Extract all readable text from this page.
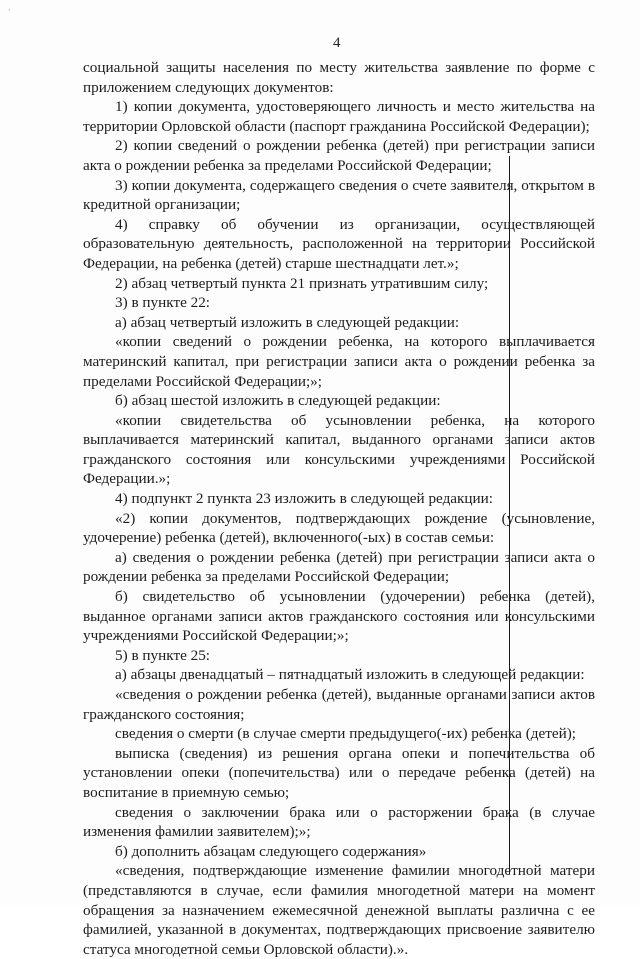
·
4

социальной защиты населения по месту жительства заявление по форме с приложением следующих документов:

1) копии документа, удостоверяющего личность и место жительства на территории Орловской области (паспорт гражданина Российской Федерации);

2) копии сведений о рождении ребенка (детей) при регистрации записи акта о рождении ребенка за пределами Российской Федерации;

3) копии документа, содержащего сведения о счете заявителя, открытом в кредитной организации;

4) справку об обучении из организации, осуществляющей образовательную деятельность, расположенной на территории Российской Федерации, на ребенка (детей) старше шестнадцати лет.»;

2) абзац четвертый пункта 21 признать утратившим силу;

3) в пункте 22:

а) абзац четвертый изложить в следующей редакции:

«копии сведений о рождении ребенка, на которого выплачивается материнский капитал, при регистрации записи акта о рождении ребенка за пределами Российской Федерации;»;

б) абзац шестой изложить в следующей редакции:

«копии свидетельства об усыновлении ребенка, на которого выплачивается материнский капитал, выданного органами записи актов гражданского состояния или консульскими учреждениями Российской Федерации.»;

4) подпункт 2 пункта 23 изложить в следующей редакции:

«2) копии документов, подтверждающих рождение (усыновление, удочерение) ребенка (детей), включенного(-ых) в состав семьи:

а) сведения о рождении ребенка (детей) при регистрации записи акта о рождении ребенка за пределами Российской Федерации;

б) свидетельство об усыновлении (удочерении) ребенка (детей), выданное органами записи актов гражданского состояния или консульскими учреждениями Российской Федерации;»;

5) в пункте 25:

а) абзацы двенадцатый – пятнадцатый изложить в следующей редакции:

«сведения о рождении ребенка (детей), выданные органами записи актов гражданского состояния;

сведения о смерти (в случае смерти предыдущего(-их) ребенка (детей);

выписка (сведения) из решения органа опеки и попечительства об установлении опеки (попечительства) или о передаче ребенка (детей) на воспитание в приемную семью;

сведения о заключении брака или о расторжении брака (в случае изменения фамилии заявителем);»;

б) дополнить абзацам следующего содержания»

«сведения, подтверждающие изменение фамилии многодетной матери (представляются в случае, если фамилия многодетной матери на момент обращения за назначением ежемесячной денежной выплаты различна с ее фамилией, указанной в документах, подтверждающих присвоение заявителю статуса многодетной семьи Орловской области).».
